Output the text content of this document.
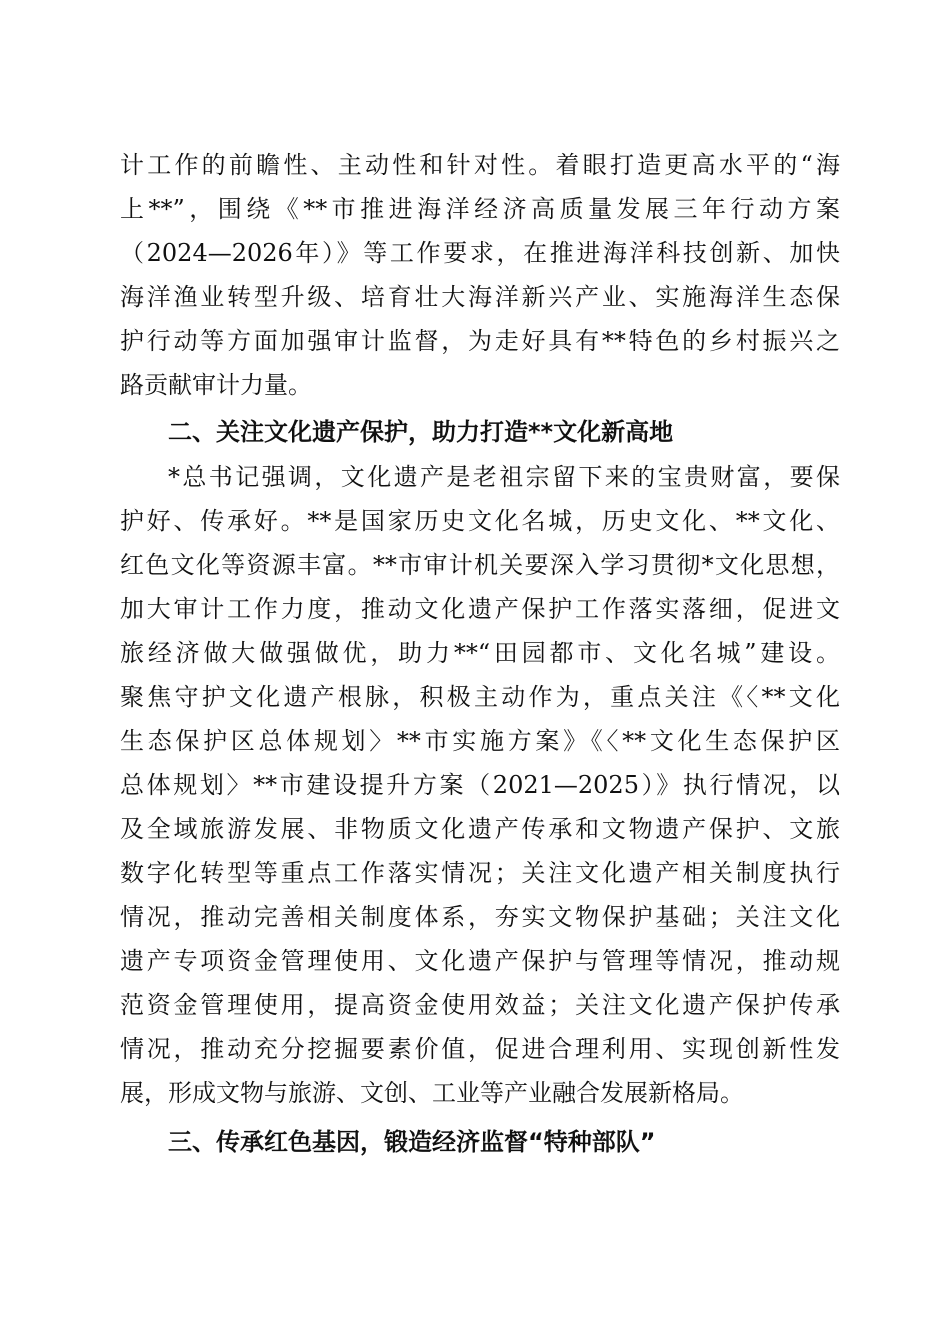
计工作的前瞻性、主动性和针对性。着眼打造更高水平的“海
上**”，围绕《**市推进海洋经济高质量发展三年行动方案
（2024—2026年）》等工作要求，在推进海洋科技创新、加快
海洋渔业转型升级、培育壮大海洋新兴产业、实施海洋生态保
护行动等方面加强审计监督，为走好具有**特色的乡村振兴之
路贡献审计力量。
二、关注文化遗产保护，助力打造**文化新高地
*总书记强调，文化遗产是老祖宗留下来的宝贵财富，要保
护好、传承好。**是国家历史文化名城，历史文化、**文化、
红色文化等资源丰富。**市审计机关要深入学习贯彻*文化思想，
加大审计工作力度，推动文化遗产保护工作落实落细，促进文
旅经济做大做强做优，助力**“田园都市、文化名城”建设。
聚焦守护文化遗产根脉，积极主动作为，重点关注《〈**文化
生态保护区总体规划〉**市实施方案》《〈**文化生态保护区
总体规划〉**市建设提升方案（2021—2025）》执行情况，以
及全域旅游发展、非物质文化遗产传承和文物遗产保护、文旅
数字化转型等重点工作落实情况；关注文化遗产相关制度执行
情况，推动完善相关制度体系，夯实文物保护基础；关注文化
遗产专项资金管理使用、文化遗产保护与管理等情况，推动规
范资金管理使用，提高资金使用效益；关注文化遗产保护传承
情况，推动充分挖掘要素价值，促进合理利用、实现创新性发
展，形成文物与旅游、文创、工业等产业融合发展新格局。
三、传承红色基因，锻造经济监督“特种部队”
